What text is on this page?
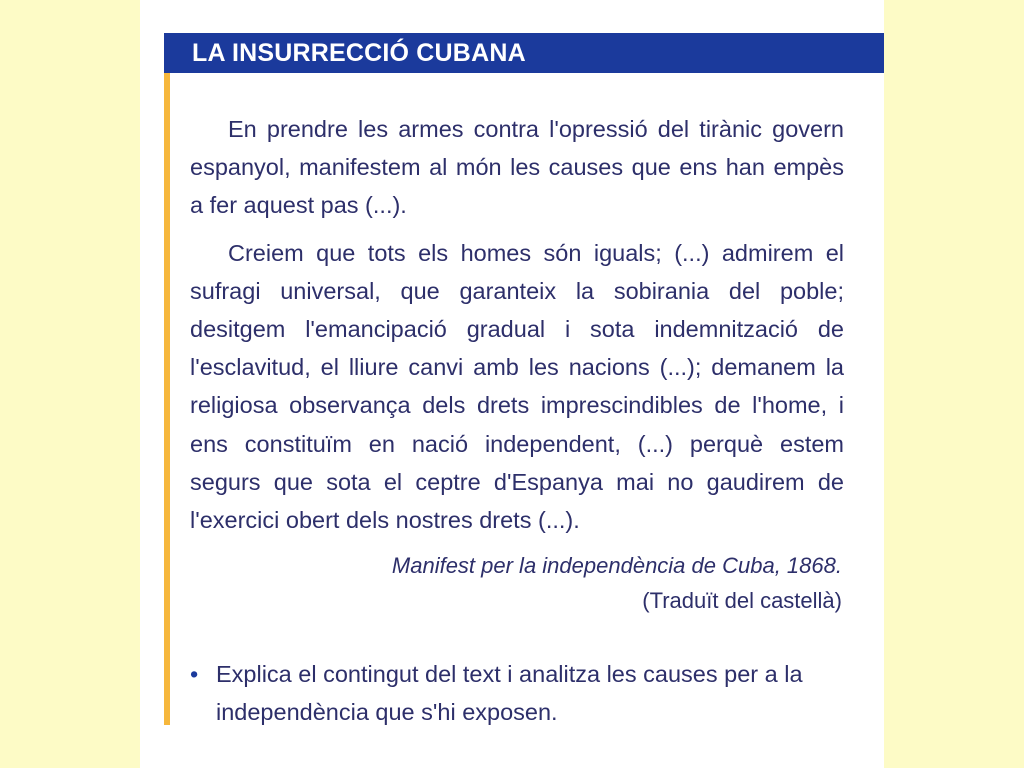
LA INSURRECCIÓ CUBANA

En prendre les armes contra l'opressió del tirànic govern espanyol, manifestem al món les causes que ens han empès a fer aquest pas (...).

Creiem que tots els homes són iguals; (...) admirem el sufragi universal, que garanteix la sobirania del poble; desitgem l'emancipació gradual i sota indemnització de l'esclavitud, el lliure canvi amb les nacions (...); demanem la religiosa observança dels drets imprescindibles de l'home, i ens constituïm en nació independent, (...) perquè estem segurs que sota el ceptre d'Espanya mai no gaudirem de l'exercici obert dels nostres drets (...).

Manifest per la independència de Cuba, 1868.
(Traduït del castellà)
• Explica el contingut del text i analitza les causes per a la independència que s'hi exposen.
